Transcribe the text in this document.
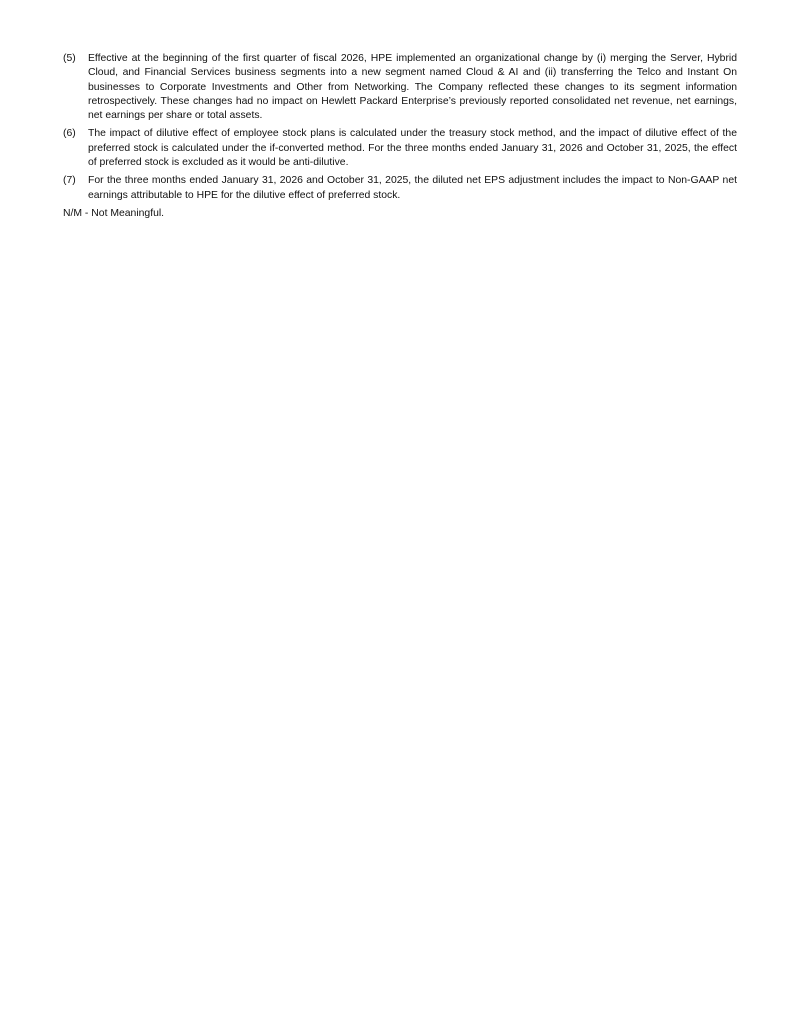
(5)	Effective at the beginning of the first quarter of fiscal 2026, HPE implemented an organizational change by (i) merging the Server, Hybrid Cloud, and Financial Services business segments into a new segment named Cloud & AI and (ii) transferring the Telco and Instant On businesses to Corporate Investments and Other from Networking. The Company reflected these changes to its segment information retrospectively. These changes had no impact on Hewlett Packard Enterprise’s previously reported consolidated net revenue, net earnings, net earnings per share or total assets.
(6)	The impact of dilutive effect of employee stock plans is calculated under the treasury stock method, and the impact of dilutive effect of the preferred stock is calculated under the if-converted method. For the three months ended January 31, 2026 and October 31, 2025, the effect of preferred stock is excluded as it would be anti-dilutive.
(7)	For the three months ended January 31, 2026 and October 31, 2025, the diluted net EPS adjustment includes the impact to Non-GAAP net earnings attributable to HPE for the dilutive effect of preferred stock.
N/M - Not Meaningful.
